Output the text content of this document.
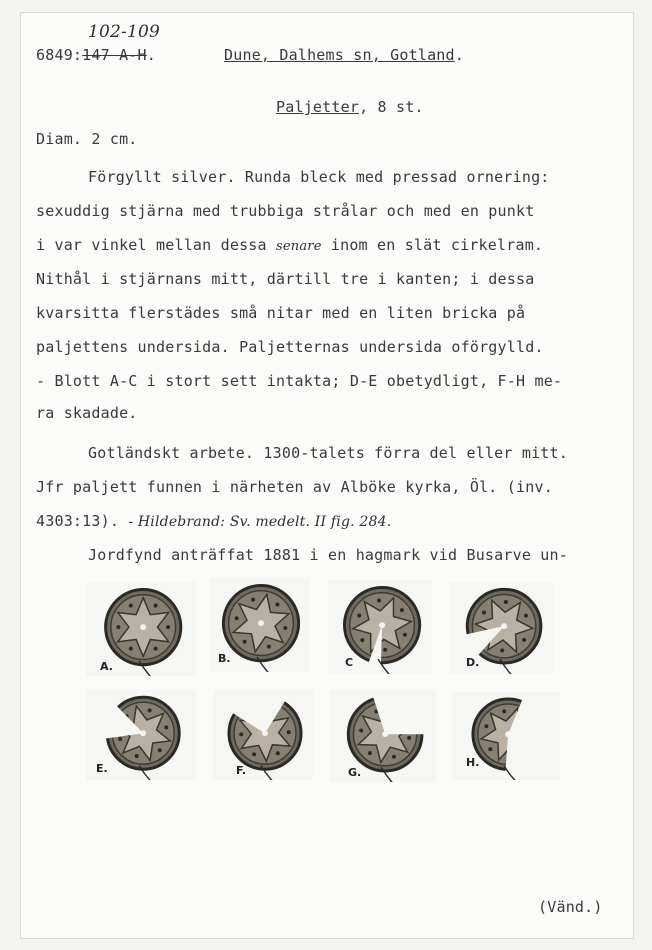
102-109
6849:147 A-H.	Dune, Dalhems sn, Gotland.
Paljetter, 8 st.
Diam. 2 cm.
Förgyllt silver. Runda bleck med pressad ornering:
sexuddig stjärna med trubbiga strålar och med en punkt
i var vinkel mellan dessa senare inom en slät cirkelram.
Nithål i stjärnans mitt, därtill tre i kanten; i dessa
kvarsitta flerstädes små nitar med en liten bricka på
paljettens undersida. Paljetternas undersida oförgylld.
- Blott A-C i stort sett intakta; D-E obetydligt, F-H me-
ra skadade.
Gotländskt arbete. 1300-talets förra del eller mitt.
Jfr paljett funnen i närheten av Alböke kyrka, Öl. (inv.
4303:13). - Hildebrand: Sv. medelt. II fig. 284.
Jordfynd anträffat 1881 i en hagmark vid Busarve un-
A.
B.	C	D.
E.	F.	G.
H.
(Vänd.)
